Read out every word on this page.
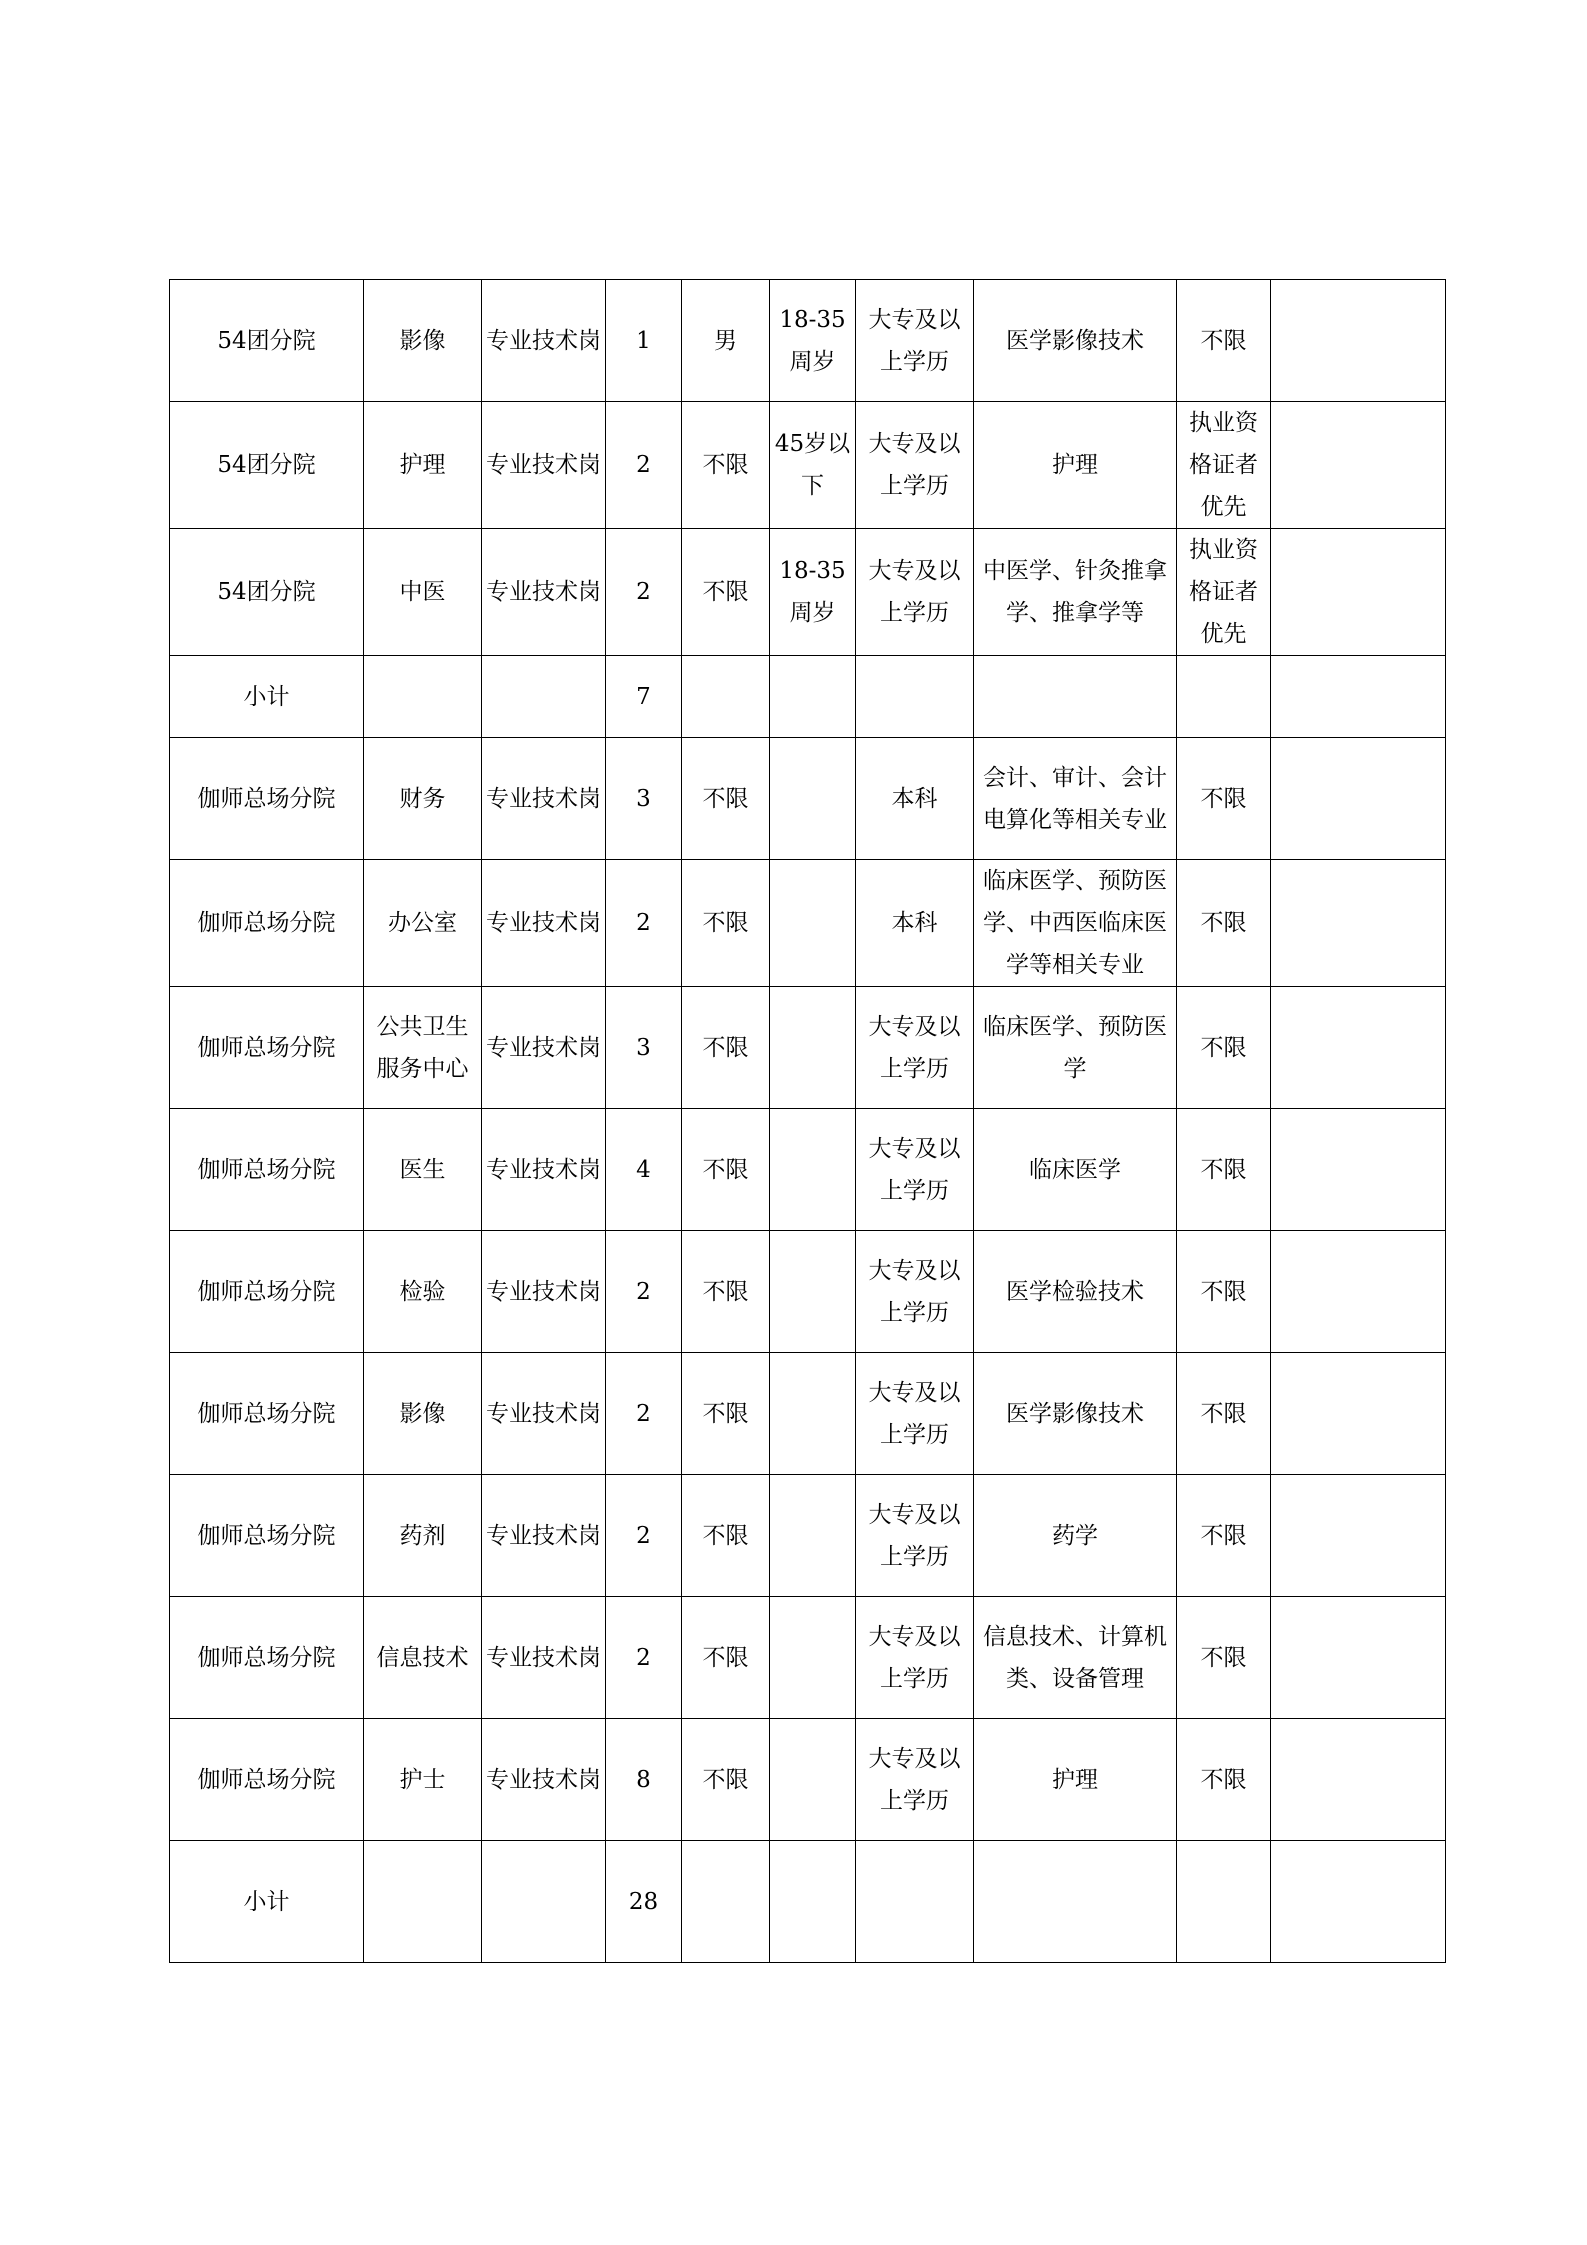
54团分院	影像	专业技术岗	1	男	18-35周岁	大专及以上学历	医学影像技术	不限	
54团分院	护理	专业技术岗	2	不限	45岁以下	大专及以上学历	护理	执业资格证者优先	
54团分院	中医	专业技术岗	2	不限	18-35周岁	大专及以上学历	中医学、针灸推拿学、推拿学等	执业资格证者优先	
小计			7						
伽师总场分院	财务	专业技术岗	3	不限		本科	会计、审计、会计电算化等相关专业	不限	
伽师总场分院	办公室	专业技术岗	2	不限		本科	临床医学、预防医学、中西医临床医学等相关专业	不限	
伽师总场分院	公共卫生服务中心	专业技术岗	3	不限		大专及以上学历	临床医学、预防医学	不限	
伽师总场分院	医生	专业技术岗	4	不限		大专及以上学历	临床医学	不限	
伽师总场分院	检验	专业技术岗	2	不限		大专及以上学历	医学检验技术	不限	
伽师总场分院	影像	专业技术岗	2	不限		大专及以上学历	医学影像技术	不限	
伽师总场分院	药剂	专业技术岗	2	不限		大专及以上学历	药学	不限	
伽师总场分院	信息技术	专业技术岗	2	不限		大专及以上学历	信息技术、计算机类、设备管理	不限	
伽师总场分院	护士	专业技术岗	8	不限		大专及以上学历	护理	不限	
小计			28						
